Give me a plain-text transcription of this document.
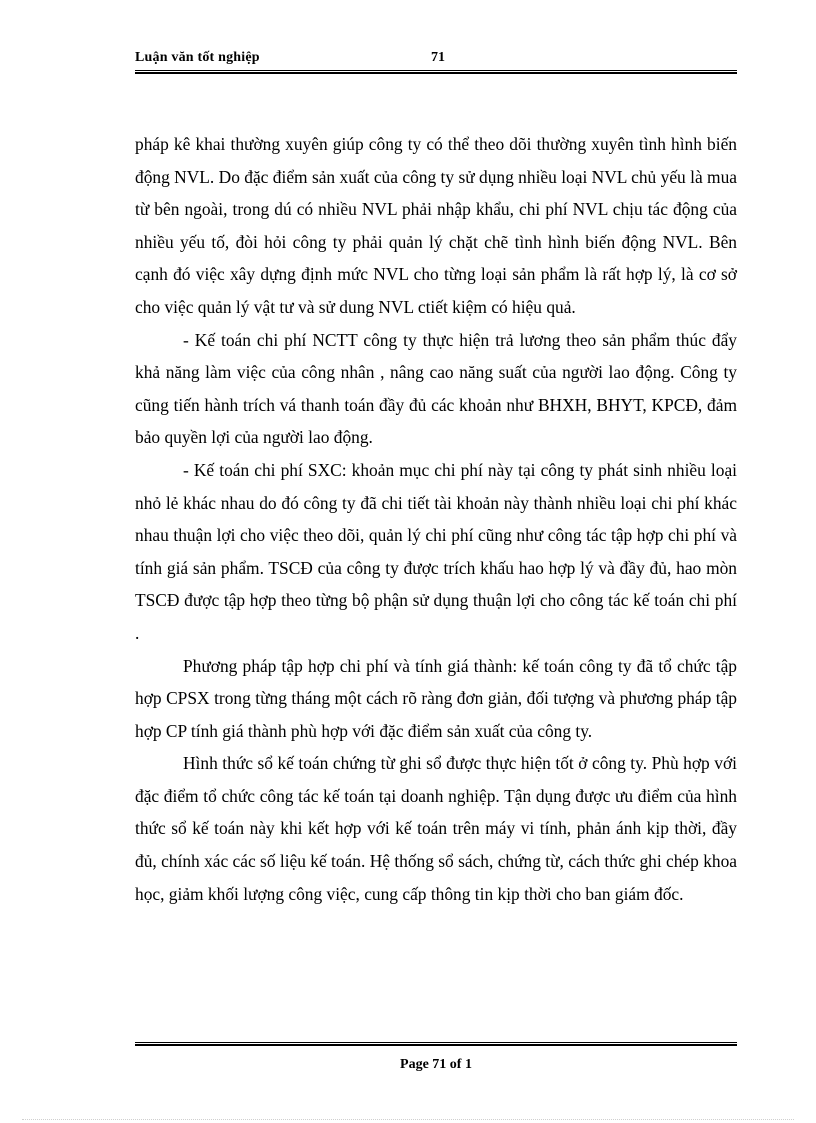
Luận văn tốt nghiệp	71

pháp kê khai thường xuyên giúp công ty có thể theo dõi thường xuyên tình hình biến động NVL. Do đặc điểm sản xuất của công ty sử dụng nhiều loại NVL chủ yếu là mua từ bên ngoài, trong dú có nhiều NVL phải nhập khẩu, chi phí NVL chịu tác động của nhiều yếu tố, đòi hỏi công ty phải quản lý chặt chẽ tình hình biến động NVL. Bên cạnh đó việc xây dựng định mức NVL cho từng loại sản phẩm là rất hợp lý, là cơ sở cho việc quản lý vật tư và sử dung NVL ctiết kiệm có hiệu quả.

- Kế toán chi phí NCTT công ty thực hiện trả lương theo sản phẩm thúc đẩy khả năng làm việc của công nhân , nâng cao năng suất của người lao động. Công ty cũng tiến hành trích vá thanh toán đầy đủ các khoản như BHXH, BHYT, KPCĐ, đảm bảo quyền lợi của người lao động.

- Kế toán chi phí SXC: khoản mục chi phí này tại công ty phát sinh nhiều loại nhỏ lẻ khác nhau do đó công ty đã chi tiết tài khoản này thành nhiều loại chi phí khác nhau thuận lợi cho việc theo dõi, quản lý chi phí cũng như công tác tập hợp chi phí và tính giá sản phẩm. TSCĐ của công ty được trích khấu hao hợp lý và đầy đủ, hao mòn TSCĐ được tập hợp theo từng bộ phận sử dụng thuận lợi cho công tác kế toán chi phí .

Phương pháp tập hợp chi phí và tính giá thành: kế toán công ty đã tổ chức tập hợp CPSX trong từng tháng một cách rõ ràng đơn giản, đối tượng và phương pháp tập hợp CP tính giá thành phù hợp với đặc điểm sản xuất của công ty.

Hình thức sổ kế toán chứng từ ghi sổ được thực hiện tốt ở công ty. Phù hợp với đặc điểm tổ chức công tác kế toán tại doanh nghiệp. Tận dụng được ưu điểm của hình thức sổ kế toán này khi kết hợp với kế toán trên máy vi tính, phản ánh kịp thời, đầy đủ, chính xác các số liệu kế toán. Hệ thống sổ sách, chứng từ, cách thức ghi chép khoa học, giảm khối lượng công việc, cung cấp thông tin kịp thời cho ban giám đốc.

Page 71 of 1
